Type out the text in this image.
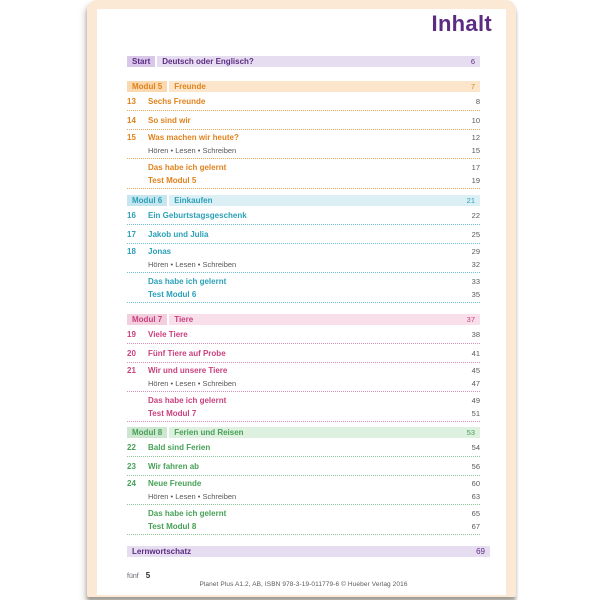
Inhalt
Start	Deutsch oder Englisch?	6
Modul 5	Freunde	7
13	Sechs Freunde	8
14	So sind wir	10
15	Was machen wir heute?	12
Hören • Lesen • Schreiben	15
Das habe ich gelernt	17
Test Modul 5	19
Modul 6	Einkaufen	21
16	Ein Geburtstagsgeschenk	22
17	Jakob und Julia	25
18	Jonas	29
Hören • Lesen • Schreiben	32
Das habe ich gelernt	33
Test Modul 6	35
Modul 7	Tiere	37
19	Viele Tiere	38
20	Fünf Tiere auf Probe	41
21	Wir und unsere Tiere	45
Hören • Lesen • Schreiben	47
Das habe ich gelernt	49
Test Modul 7	51
Modul 8	Ferien und Reisen	53
22	Bald sind Ferien	54
23	Wir fahren ab	56
24	Neue Freunde	60
Hören • Lesen • Schreiben	63
Das habe ich gelernt	65
Test Modul 8	67
Lernwortschatz	69
fünf 5
Planet Plus A1.2, AB, ISBN 978-3-19-011779-6 © Hueber Verlag 2016
